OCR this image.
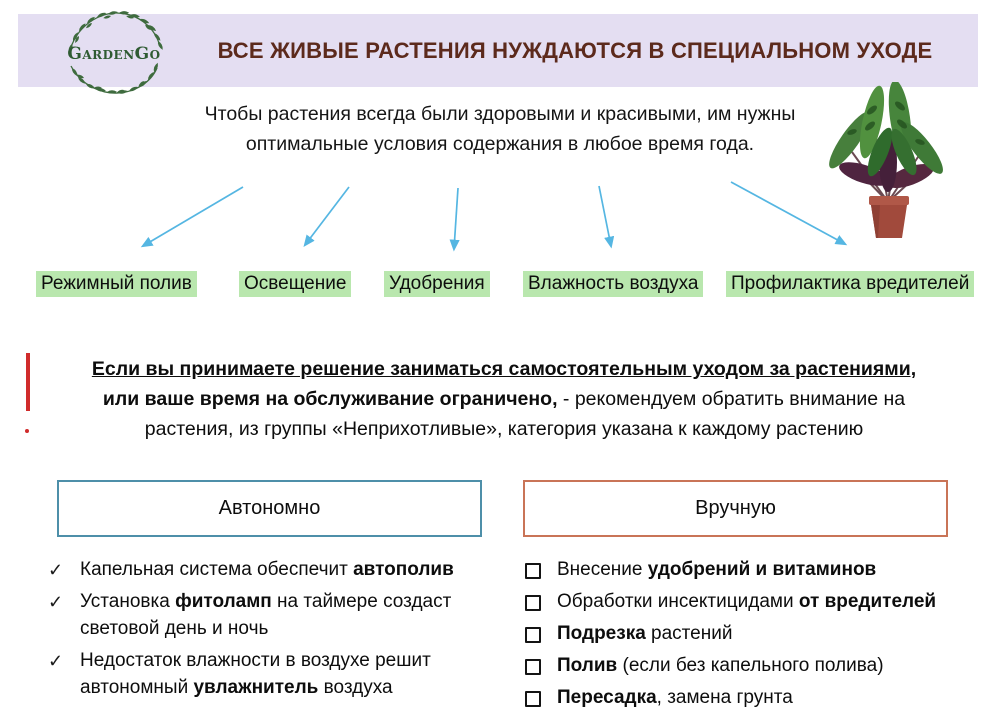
ВСЕ ЖИВЫЕ РАСТЕНИЯ НУЖДАЮТСЯ В СПЕЦИАЛЬНОМ УХОДЕ
GardenGo
Чтобы растения всегда были здоровыми и красивыми, им нужны
оптимальные условия содержания в любое время года.
Режимный полив	Освещение Удобрения Влажность воздуха Профилактика вредителей
Если вы принимаете решение заниматься самостоятельным уходом за растениями,
или ваше время на обслуживание ограничено, - рекомендуем обратить внимание на
растения, из группы «Неприхотливые», категория указана к каждому растению
Автономно	Вручную
✓ Капельная система обеспечит автополив
✓ Установка фитоламп на таймере создаст световой день и ночь
✓ Недостаток влажности в воздухе решит автономный увлажнитель воздуха
Внесение удобрений и витаминов
Обработки инсектицидами от вредителей
Подрезка растений
Полив (если без капельного полива)
Пересадка, замена грунта
